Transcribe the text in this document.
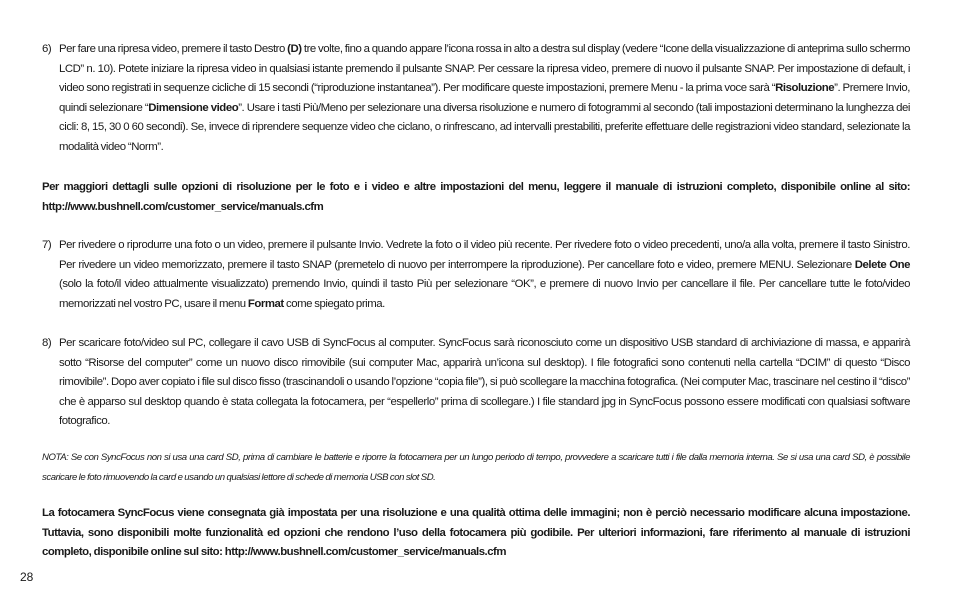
6) Per fare una ripresa video, premere il tasto Destro (D) tre volte, fino a quando appare l’icona rossa in alto a destra sul display (vedere “Icone della visualizzazione di anteprima sullo schermo LCD” n. 10). Potete iniziare la ripresa video in qualsiasi istante premendo il pulsante SNAP. Per cessare la ripresa video, premere di nuovo il pulsante SNAP. Per impostazione di default, i video sono registrati in sequenze cicliche di 15 secondi (“riproduzione instantanea”). Per modificare queste impostazioni, premere Menu - la prima voce sarà “Risoluzione”. Premere Invio, quindi selezionare “Dimensione video”. Usare i tasti Più/Meno per selezionare una diversa risoluzione e numero di fotogrammi al secondo (tali impostazioni determinano la lunghezza dei cicli: 8, 15, 30 0 60 secondi). Se, invece di riprendere sequenze video che ciclano, o rinfrescano, ad intervalli prestabiliti, preferite effettuare delle registrazioni video standard, selezionate la modalità video “Norm”.

Per maggiori dettagli sulle opzioni di risoluzione per le foto e i video e altre impostazioni del menu, leggere il manuale di istruzioni completo, disponibile online al sito: http://www.bushnell.com/customer_service/manuals.cfm

7) Per rivedere o riprodurre una foto o un video, premere il pulsante Invio. Vedrete la foto o il video più recente. Per rivedere foto o video precedenti, uno/a alla volta, premere il tasto Sinistro. Per rivedere un video memorizzato, premere il tasto SNAP (premetelo di nuovo per interrompere la riproduzione). Per cancellare foto e video, premere MENU. Selezionare Delete One (solo la foto/il video attualmente visualizzato) premendo Invio, quindi il tasto Più per selezionare “OK”, e premere di nuovo Invio per cancellare il file. Per cancellare tutte le foto/video memorizzati nel vostro PC, usare il menu Format come spiegato prima.
8) Per scaricare foto/video sul PC, collegare il cavo USB di SyncFocus al computer. SyncFocus sarà riconosciuto come un dispositivo USB standard di archiviazione di massa, e apparirà sotto “Risorse del computer” come un nuovo disco rimovibile (sui computer Mac, apparirà un’icona sul desktop). I file fotografici sono contenuti nella cartella “DCIM” di questo “Disco rimovibile”. Dopo aver copiato i file sul disco fisso (trascinandoli o usando l’opzione “copia file”), si può scollegare la macchina fotografica. (Nei computer Mac, trascinare nel cestino il “disco” che è apparso sul desktop quando è stata collegata la fotocamera, per “espellerlo” prima di scollegare.) I file standard jpg in SyncFocus possono essere modificati con qualsiasi software fotografico.

NOTA: Se con SyncFocus non si usa una card SD, prima di cambiare le batterie e riporre la fotocamera per un lungo periodo di tempo, provvedere a scaricare tutti i file dalla memoria interna. Se si usa una card SD, è possibile scaricare le foto rimuovendo la card e usando un qualsiasi lettore di schede di memoria USB con slot SD.

La fotocamera SyncFocus viene consegnata già impostata per una risoluzione e una qualità ottima delle immagini; non è perciò necessario modificare alcuna impostazione. Tuttavia, sono disponibili molte funzionalità ed opzioni che rendono l’uso della fotocamera più godibile. Per ulteriori informazioni, fare riferimento al manuale di istruzioni completo, disponibile online sul sito: http://www.bushnell.com/customer_service/manuals.cfm

28
